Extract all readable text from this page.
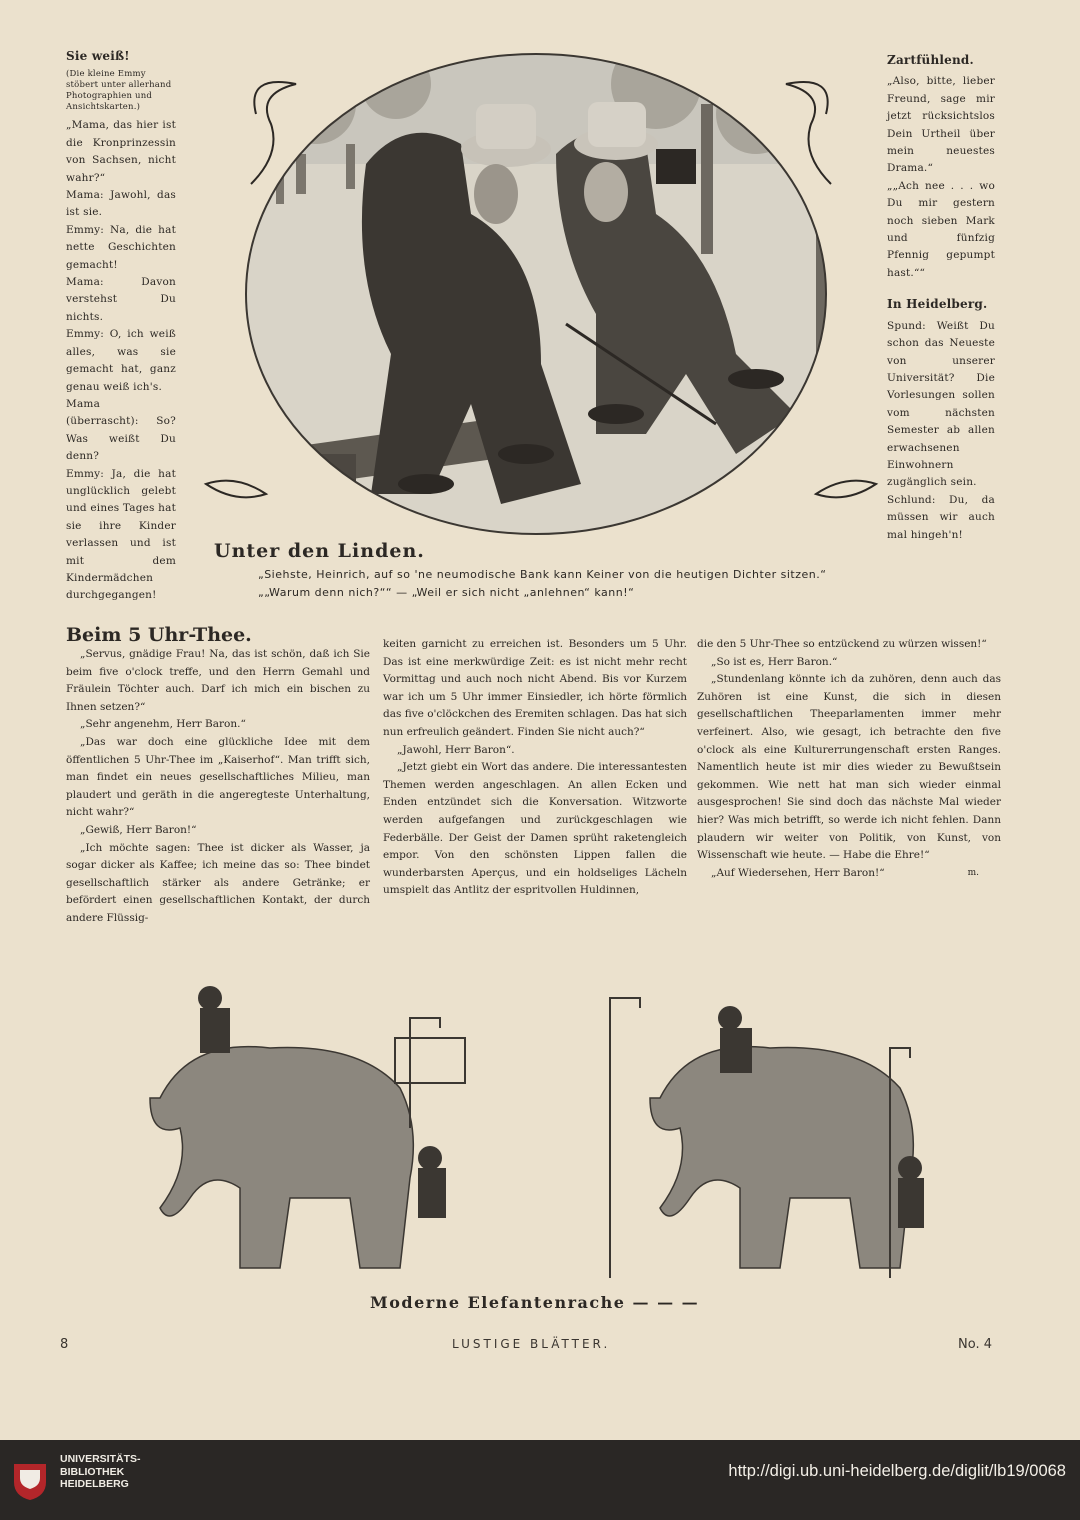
Sie weiß!
(Die kleine Emmy stöbert unter allerhand Photographien und Ansichtskarten.)

„Mama, das hier ist die Kronprinzessin von Sachsen, nicht wahr?“

Mama: Jawohl, das ist sie.

Emmy: Na, die hat nette Geschichten gemacht!

Mama: Davon verstehst Du nichts.

Emmy: O, ich weiß alles, was sie gemacht hat, ganz genau weiß ich's.

Mama (überrascht): So? Was weißt Du denn?

Emmy: Ja, die hat unglücklich gelebt und eines Tages hat sie ihre Kinder verlassen und ist mit dem Kindermädchen durchgegangen!

Zartfühlend.

„Also, bitte, lieber Freund, sage mir jetzt rücksichtslos Dein Urtheil über mein neuestes Drama.“

„„Ach nee . . . wo Du mir gestern noch sieben Mark und fünfzig Pfennig gepumpt hast.““

In Heidelberg.

Spund: Weißt Du schon das Neueste von unserer Universität? Die Vorlesungen sollen vom nächsten Semester ab allen erwachsenen Einwohnern zugänglich sein.

Schlund: Du, da müssen wir auch mal hingeh'n!

Unter den Linden.
„Siehste, Heinrich, auf so 'ne neumodische Bank kann Keiner von die heutigen Dichter sitzen.“
„„Warum denn nich?““ — „Weil er sich nicht „anlehnen“ kann!“
Beim 5 Uhr-Thee.

„Servus, gnädige Frau! Na, das ist schön, daß ich Sie beim five o'clock treffe, und den Herrn Gemahl und Fräulein Töchter auch. Darf ich mich ein bischen zu Ihnen setzen?“

„Sehr angenehm, Herr Baron.“

„Das war doch eine glückliche Idee mit dem öffentlichen 5 Uhr-Thee im „Kaiserhof“. Man trifft sich, man findet ein neues gesellschaftliches Milieu, man plaudert und geräth in die angeregteste Unterhaltung, nicht wahr?“

„Gewiß, Herr Baron!“

„Ich möchte sagen: Thee ist dicker als Wasser, ja sogar dicker als Kaffee; ich meine das so: Thee bindet gesellschaftlich stärker als andere Getränke; er befördert einen gesellschaftlichen Kontakt, der durch andere Flüssig-

keiten garnicht zu erreichen ist. Besonders um 5 Uhr. Das ist eine merkwürdige Zeit: es ist nicht mehr recht Vormittag und auch noch nicht Abend. Bis vor Kurzem war ich um 5 Uhr immer Einsiedler, ich hörte förmlich das five o'clöckchen des Eremiten schlagen. Das hat sich nun erfreulich geändert. Finden Sie nicht auch?“

„Jawohl, Herr Baron“.

„Jetzt giebt ein Wort das andere. Die interessantesten Themen werden angeschlagen. An allen Ecken und Enden entzündet sich die Konversation. Witzworte werden aufgefangen und zurückgeschlagen wie Federbälle. Der Geist der Damen sprüht raketengleich empor. Von den schönsten Lippen fallen die wunderbarsten Aperçus, und ein holdseliges Lächeln umspielt das Antlitz der espritvollen Huldinnen,

die den 5 Uhr-Thee so entzückend zu würzen wissen!“

„So ist es, Herr Baron.“

„Stundenlang könnte ich da zuhören, denn auch das Zuhören ist eine Kunst, die sich in diesen gesellschaftlichen Theeparlamenten immer mehr verfeinert. Also, wie gesagt, ich betrachte den five o'clock als eine Kulturerrungenschaft ersten Ranges. Namentlich heute ist mir dies wieder zu Bewußtsein gekommen. Wie nett hat man sich wieder einmal ausgesprochen! Sie sind doch das nächste Mal wieder hier? Was mich betrifft, so werde ich nicht fehlen. Dann plaudern wir weiter von Politik, von Kunst, von Wissenschaft wie heute. — Habe die Ehre!“

„Auf Wiedersehen, Herr Baron!“	m.

Moderne Elefantenrache — — —
8	LUSTIGE BLÄTTER.	No. 4
UNIVERSITÄTS-
BIBLIOTHEK
HEIDELBERG
http://digi.ub.uni-heidelberg.de/diglit/lb19/0068
